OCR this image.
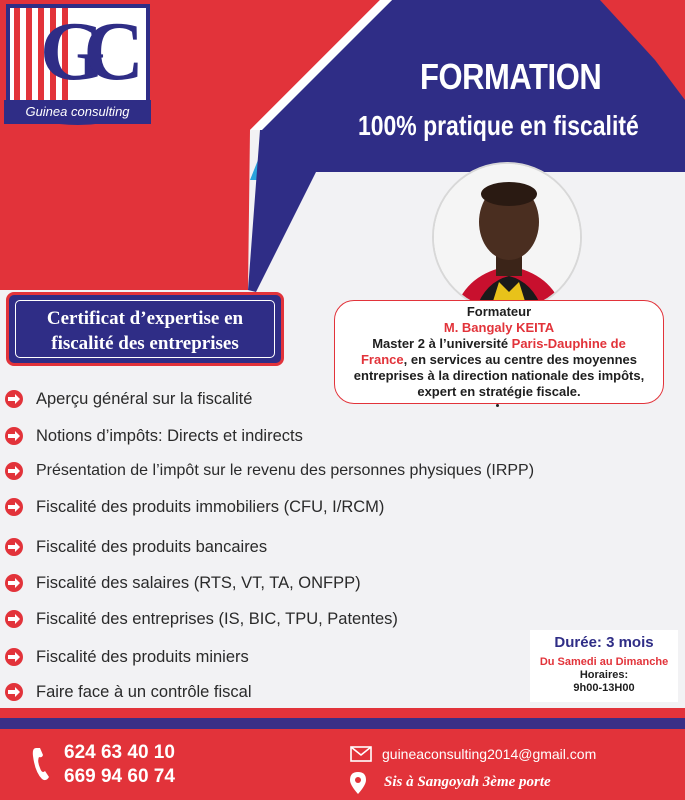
GC
Guinea consulting
FORMATION
100% pratique en fiscalité
Formateur
M. Bangaly KEITA
Master 2 à l’université Paris-Dauphine de
France, en services au centre des moyennes entreprises à la direction nationale des impôts, expert en stratégie fiscale.
Certificat d’expertise en
fiscalité des entreprises
Aperçu général sur la fiscalité
Notions d’impôts: Directs et indirects
Présentation de l’impôt sur le revenu des personnes physiques (IRPP)
Fiscalité des produits immobiliers (CFU, I/RCM)
Fiscalité des produits bancaires
Fiscalité des salaires (RTS, VT, TA, ONFPP)
Fiscalité des entreprises (IS, BIC, TPU, Patentes)
Fiscalité des produits miniers
Faire face à un contrôle fiscal
Durée: 3 mois
Du Samedi au Dimanche
Horaires:
9h00-13H00
624 63 40 10
669 94 60 74
guineaconsulting2014@gmail.com
Sis à Sangoyah 3ème porte
